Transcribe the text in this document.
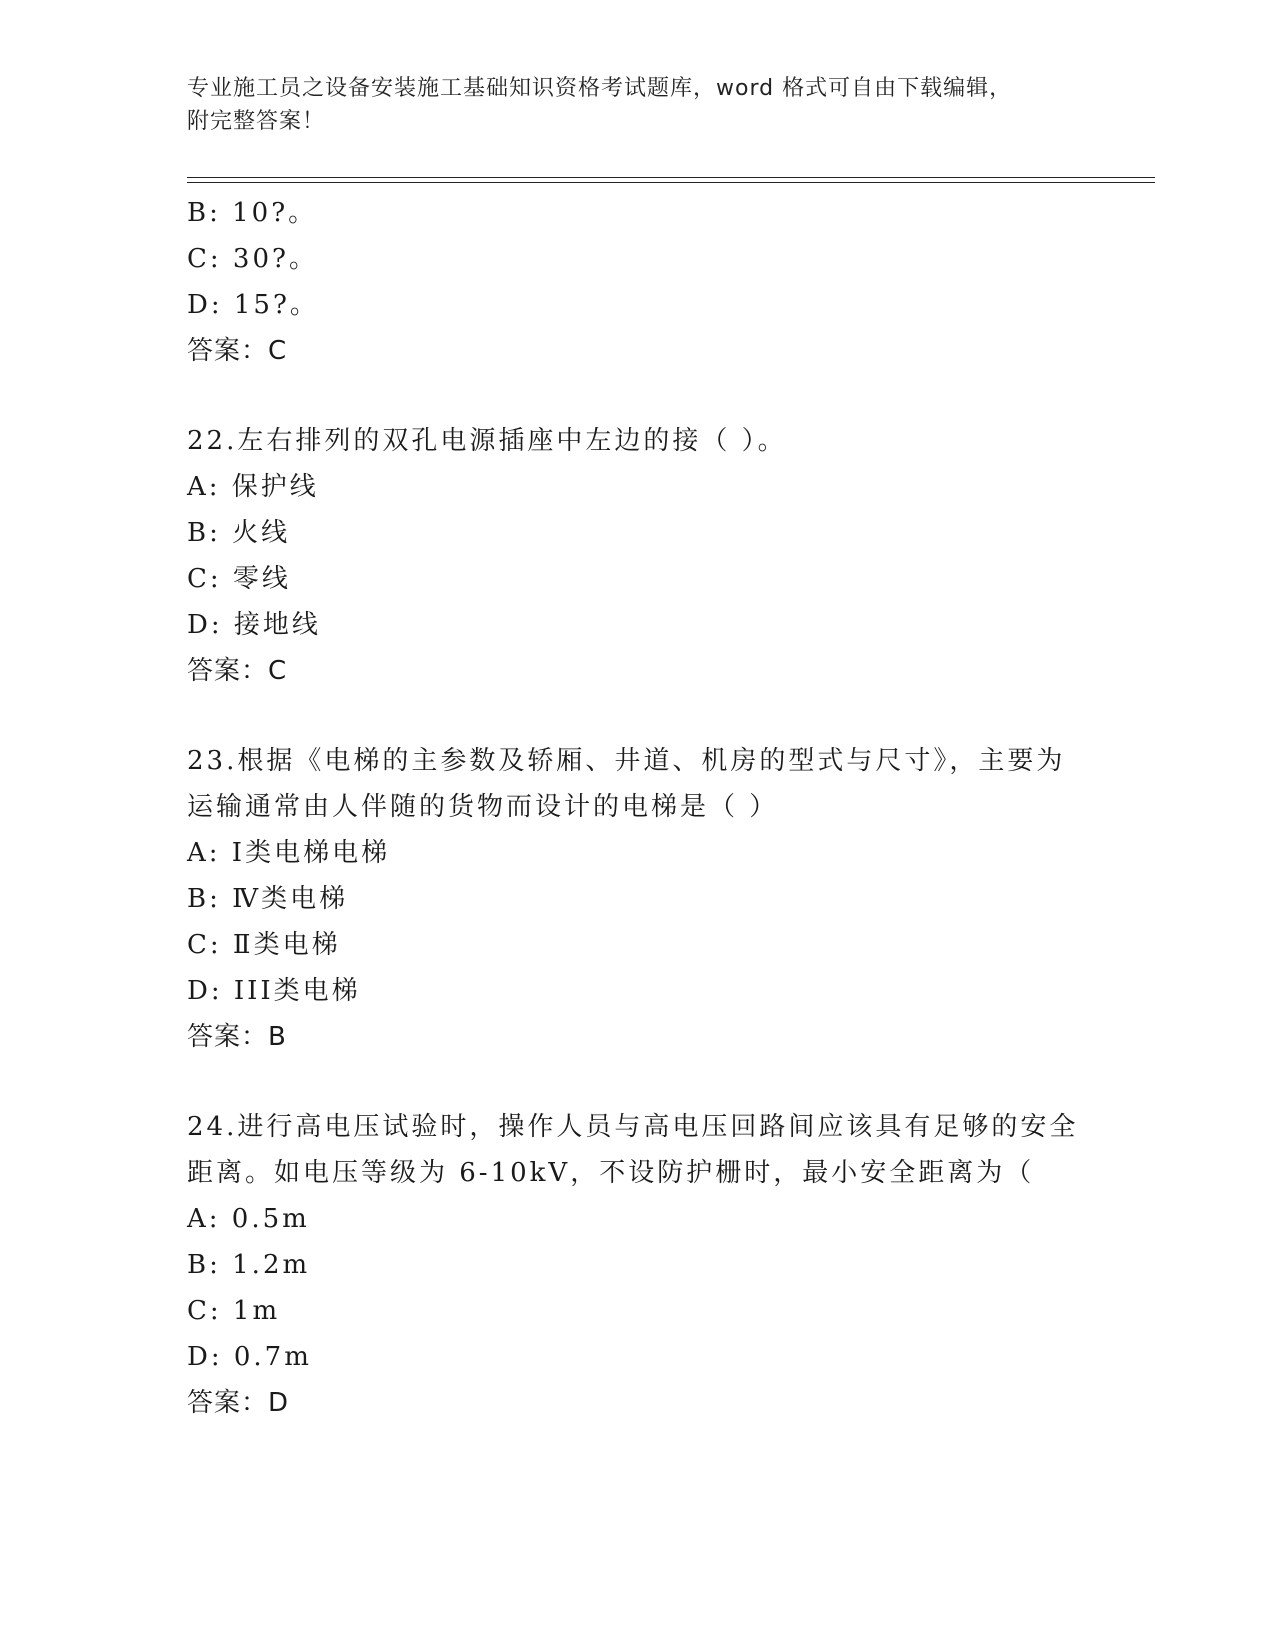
专业施工员之设备安装施工基础知识资格考试题库，word 格式可自由下载编辑，
附完整答案！
B: 10?。
C: 30?。
D: 15?。
答案：C
22.左右排列的双孔电源插座中左边的接（ ）。
A: 保护线
B: 火线
C: 零线
D: 接地线
答案：C
23.根据《电梯的主参数及轿厢、井道、机房的型式与尺寸》，主要为
运输通常由人伴随的货物而设计的电梯是（ ）
A: Ⅰ类电梯电梯
B: Ⅳ类电梯
C: Ⅱ类电梯
D: III类电梯
答案：B
24.进行高电压试验时，操作人员与高电压回路间应该具有足够的安全
距离。如电压等级为 6-10kV，不设防护栅时，最小安全距离为（
A: 0.5m
B: 1.2m
C: 1m
D: 0.7m
答案：D
